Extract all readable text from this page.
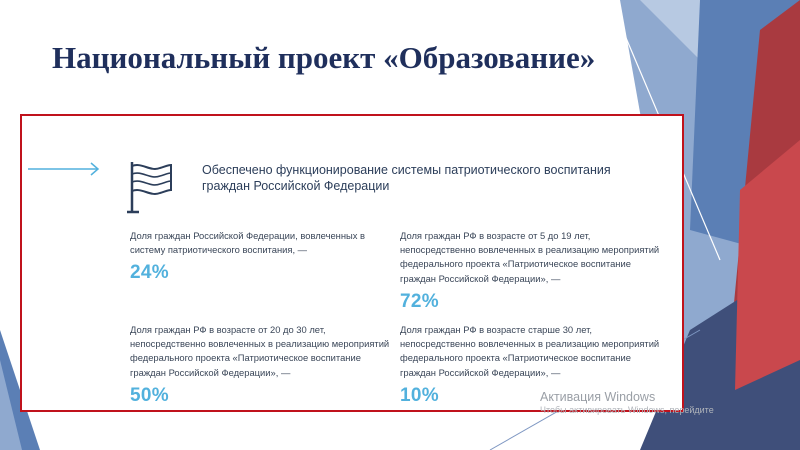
Национальный проект «Образование»
Обеспечено функционирование системы патриотического воспитания граждан Российской Федерации
Доля граждан Российской Федерации, вовлеченных в систему патриотического воспитания, —
24%
Доля граждан РФ в возрасте от 5 до 19 лет, непосредственно вовлеченных в реализацию мероприятий федерального проекта «Патриотическое воспитание граждан Российской Федерации», —
72%
Доля граждан РФ в возрасте от 20 до 30 лет, непосредственно вовлеченных в реализацию мероприятий федерального проекта «Патриотическое воспитание граждан Российской Федерации», —
50%
Доля граждан РФ в возрасте старше 30 лет, непосредственно вовлеченных в реализацию мероприятий федерального проекта «Патриотическое воспитание граждан Российской Федерации», —
10%	Активация Windows
Чтобы активировать Windows, перейдите
